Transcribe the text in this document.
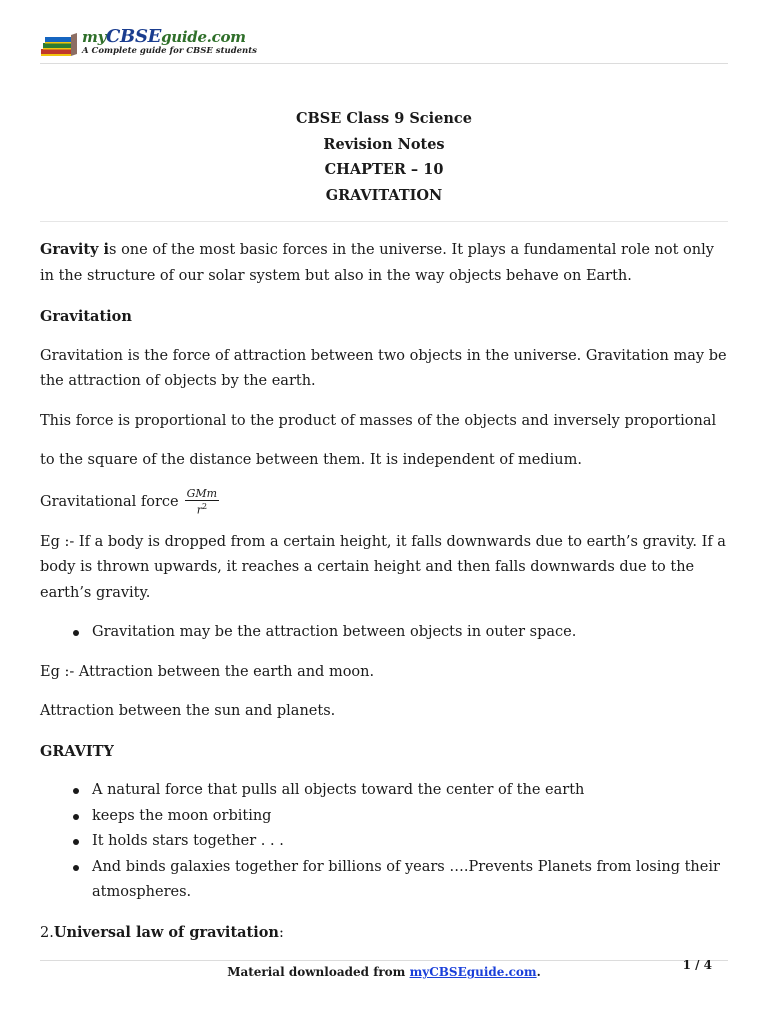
myCBSEguide.com
A Complete guide for CBSE students
CBSE Class 9 Science
Revision Notes
CHAPTER – 10
GRAVITATION

Gravity is one of the most basic forces in the universe. It plays a fundamental role not only in the structure of our solar system but also in the way objects behave on Earth.

Gravitation

Gravitation is the force of attraction between two objects in the universe. Gravitation may be the attraction of objects by the earth.

This force is proportional to the product of masses of the objects and inversely proportional
to the square of the distance between them. It is independent of medium.

Gravitational force $\frac{\text{GMm}}{r^2}$

Eg :- If a body is dropped from a certain height, it falls downwards due to earth’s gravity. If a body is thrown upwards, it reaches a certain height and then falls downwards due to the earth’s gravity.

Gravitation may be the attraction between objects in outer space.

Eg :- Attraction between the earth and moon.

Attraction between the sun and planets.

GRAVITY

A natural force that pulls all objects toward the center of the earth
keeps the moon orbiting
It holds stars together . . .
And binds galaxies together for billions of years ….Prevents Planets from losing their atmospheres.

2.Universal law of gravitation:

Material downloaded from myCBSEguide.com.	1 / 4
